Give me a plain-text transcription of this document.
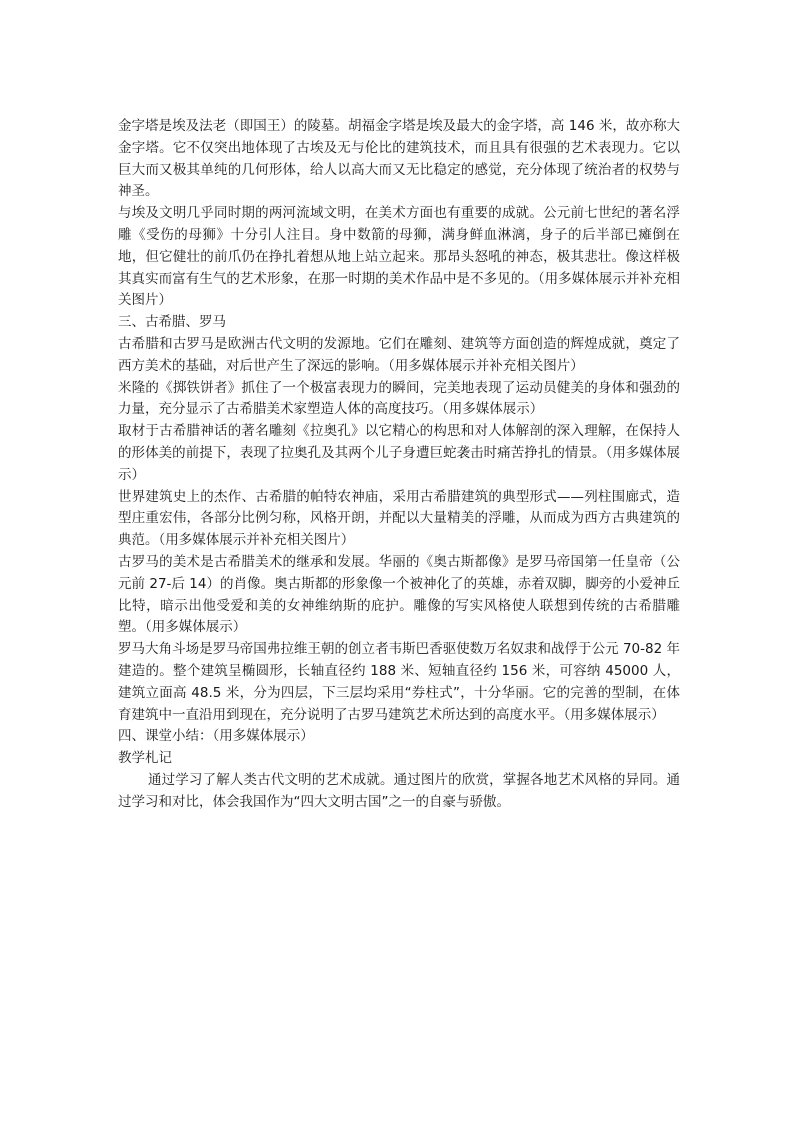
金字塔是埃及法老（即国王）的陵墓。胡福金字塔是埃及最大的金字塔，高 146 米，故亦称大金字塔。它不仅突出地体现了古埃及无与伦比的建筑技术，而且具有很强的艺术表现力。它以巨大而又极其单纯的几何形体，给人以高大而又无比稳定的感觉，充分体现了统治者的权势与神圣。

与埃及文明几乎同时期的两河流域文明，在美术方面也有重要的成就。公元前七世纪的著名浮雕《受伤的母狮》十分引人注目。身中数箭的母狮，满身鲜血淋漓，身子的后半部已瘫倒在地，但它健壮的前爪仍在挣扎着想从地上站立起来。那昂头怒吼的神态，极其悲壮。像这样极其真实而富有生气的艺术形象，在那一时期的美术作品中是不多见的。（用多媒体展示并补充相关图片）

三、古希腊、罗马

古希腊和古罗马是欧洲古代文明的发源地。它们在雕刻、建筑等方面创造的辉煌成就，奠定了西方美术的基础，对后世产生了深远的影响。（用多媒体展示并补充相关图片）

米隆的《掷铁饼者》抓住了一个极富表现力的瞬间，完美地表现了运动员健美的身体和强劲的力量，充分显示了古希腊美术家塑造人体的高度技巧。（用多媒体展示）

取材于古希腊神话的著名雕刻《拉奥孔》以它精心的构思和对人体解剖的深入理解，在保持人的形体美的前提下，表现了拉奥孔及其两个儿子身遭巨蛇袭击时痛苦挣扎的情景。（用多媒体展示）

世界建筑史上的杰作、古希腊的帕特农神庙，采用古希腊建筑的典型形式——列柱围廊式，造型庄重宏伟，各部分比例匀称，风格开朗，并配以大量精美的浮雕，从而成为西方古典建筑的典范。（用多媒体展示并补充相关图片）

古罗马的美术是古希腊美术的继承和发展。华丽的《奥古斯都像》是罗马帝国第一任皇帝（公元前 27-后 14）的肖像。奥古斯都的形象像一个被神化了的英雄，赤着双脚，脚旁的小爱神丘比特，暗示出他受爱和美的女神维纳斯的庇护。雕像的写实风格使人联想到传统的古希腊雕塑。（用多媒体展示）

罗马大角斗场是罗马帝国弗拉维王朝的创立者韦斯巴香驱使数万名奴隶和战俘于公元 70-82 年建造的。整个建筑呈椭圆形，长轴直径约 188 米、短轴直径约 156 米，可容纳 45000 人，建筑立面高 48.5 米，分为四层，下三层均采用“券柱式”，十分华丽。它的完善的型制，在体育建筑中一直沿用到现在，充分说明了古罗马建筑艺术所达到的高度水平。（用多媒体展示）

四、课堂小结：（用多媒体展示）

教学札记

通过学习了解人类古代文明的艺术成就。通过图片的欣赏，掌握各地艺术风格的异同。通过学习和对比，体会我国作为“四大文明古国”之一的自豪与骄傲。
